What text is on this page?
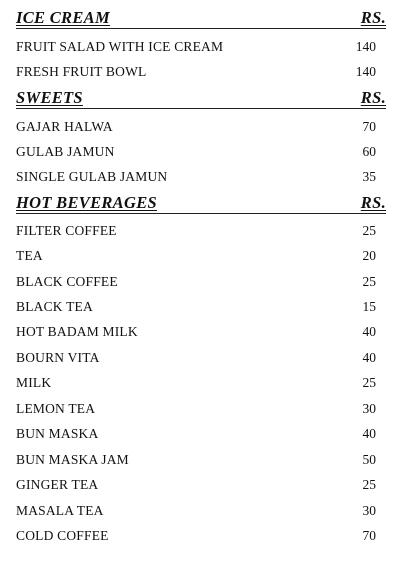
ICE CREAM	RS.
FRUIT SALAD WITH ICE CREAM	140
FRESH FRUIT BOWL	140
SWEETS	RS.
GAJAR HALWA	70
GULAB JAMUN	60
SINGLE GULAB JAMUN	35
HOT BEVERAGES	RS.
FILTER COFFEE	25
TEA	20
BLACK COFFEE	25
BLACK TEA	15
HOT BADAM MILK	40
BOURN VITA	40
MILK	25
LEMON TEA	30
BUN MASKA	40
BUN MASKA JAM	50
GINGER TEA	25
MASALA TEA	30
COLD COFFEE	70
